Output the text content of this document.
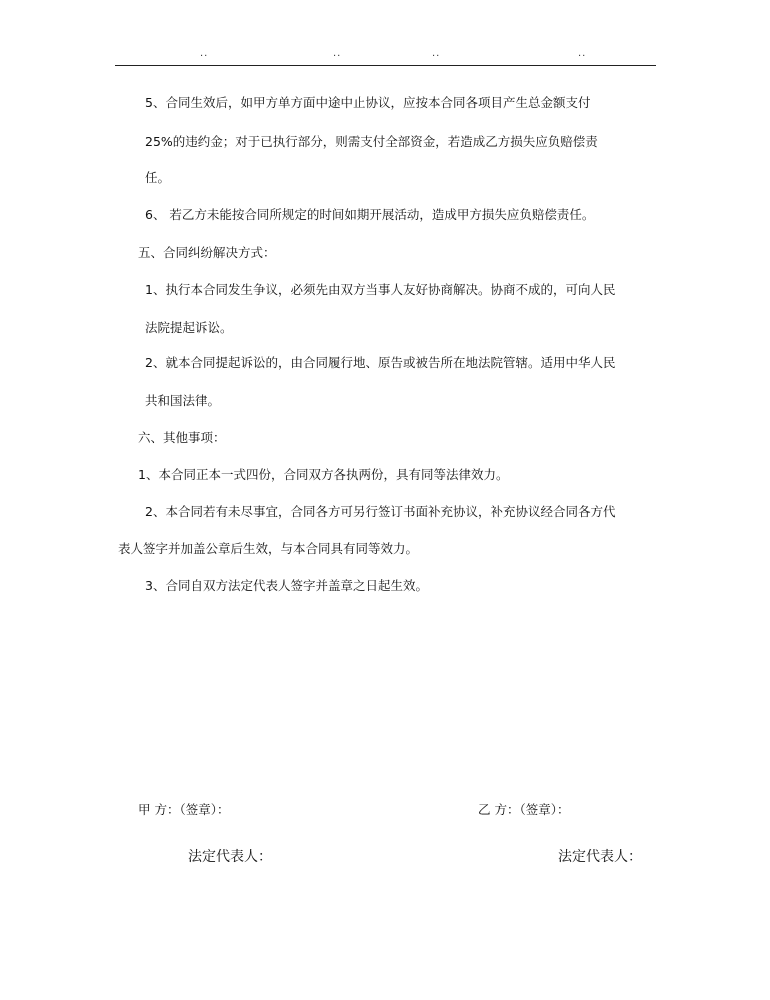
..	..	..	..
5、合同生效后，如甲方单方面中途中止协议，应按本合同各项目产生总金额支付
25%的违约金；对于已执行部分，则需支付全部资金，若造成乙方损失应负赔偿责
任。
6、 若乙方未能按合同所规定的时间如期开展活动，造成甲方损失应负赔偿责任。
五、合同纠纷解决方式：
1、执行本合同发生争议，必须先由双方当事人友好协商解决。协商不成的，可向人民
法院提起诉讼。
2、就本合同提起诉讼的，由合同履行地、原告或被告所在地法院管辖。适用中华人民
共和国法律。
六、其他事项：
1、本合同正本一式四份，合同双方各执两份，具有同等法律效力。
2、本合同若有未尽事宜，合同各方可另行签订书面补充协议，补充协议经合同各方代
表人签字并加盖公章后生效，与本合同具有同等效力。
3、合同自双方法定代表人签字并盖章之日起生效。
甲 方：（签章）：	乙 方：（签章）：
法定代表人：	法定代表人：
